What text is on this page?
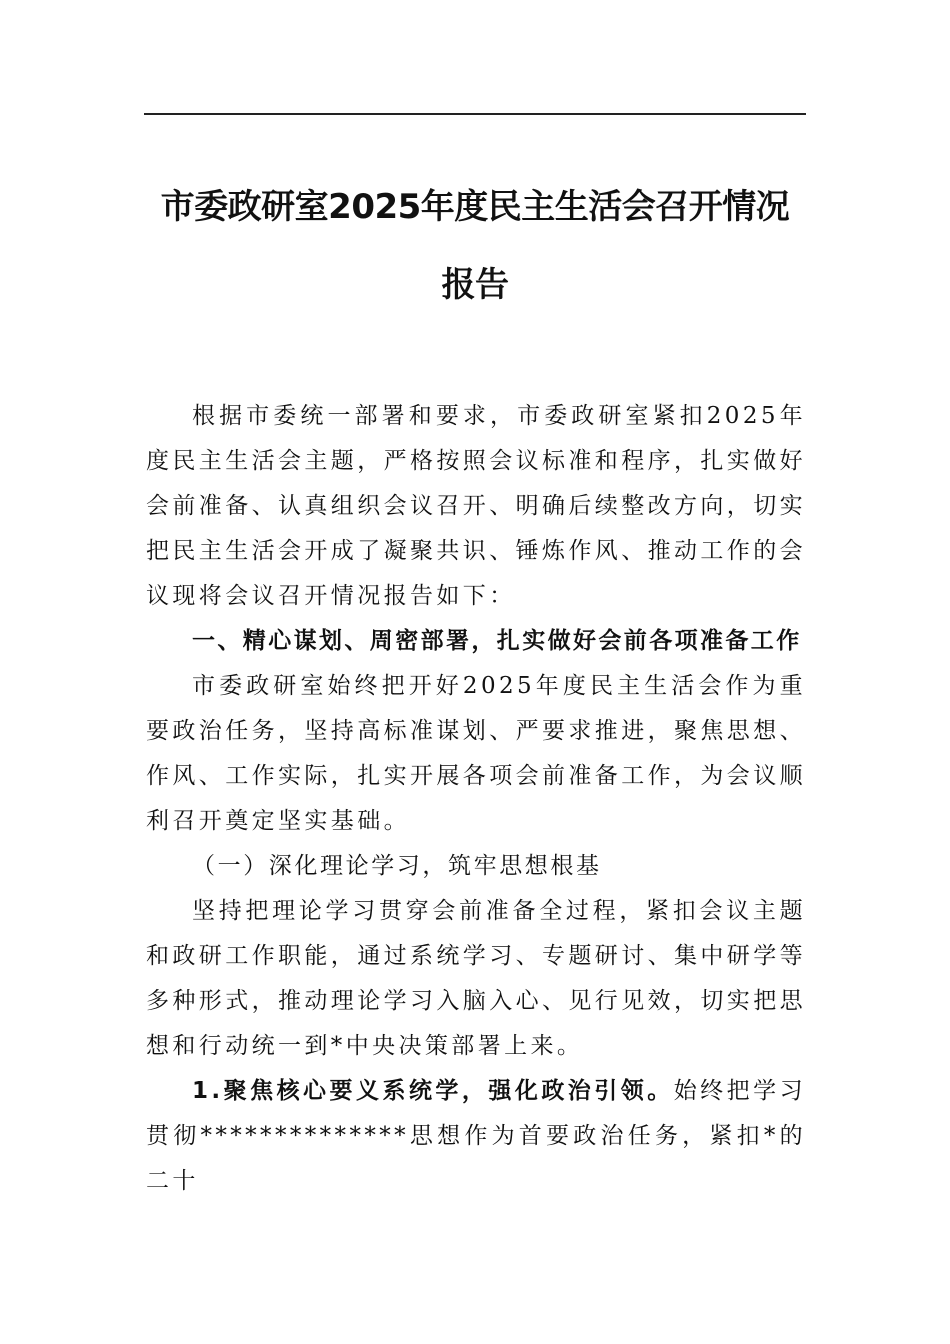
市委政研室2025年度民主生活会召开情况
报告

根据市委统一部署和要求，市委政研室紧扣2025年度民主生活会主题，严格按照会议标准和程序，扎实做好会前准备、认真组织会议召开、明确后续整改方向，切实把民主生活会开成了凝聚共识、锤炼作风、推动工作的会议现将会议召开情况报告如下：

一、精心谋划、周密部署，扎实做好会前各项准备工作

市委政研室始终把开好2025年度民主生活会作为重要政治任务，坚持高标准谋划、严要求推进，聚焦思想、作风、工作实际，扎实开展各项会前准备工作，为会议顺利召开奠定坚实基础。

（一）深化理论学习，筑牢思想根基

坚持把理论学习贯穿会前准备全过程，紧扣会议主题和政研工作职能，通过系统学习、专题研讨、集中研学等多种形式，推动理论学习入脑入心、见行见效，切实把思想和行动统一到*中央决策部署上来。

1.聚焦核心要义系统学，强化政治引领。始终把学习贯彻**************思想作为首要政治任务，紧扣*的二十
